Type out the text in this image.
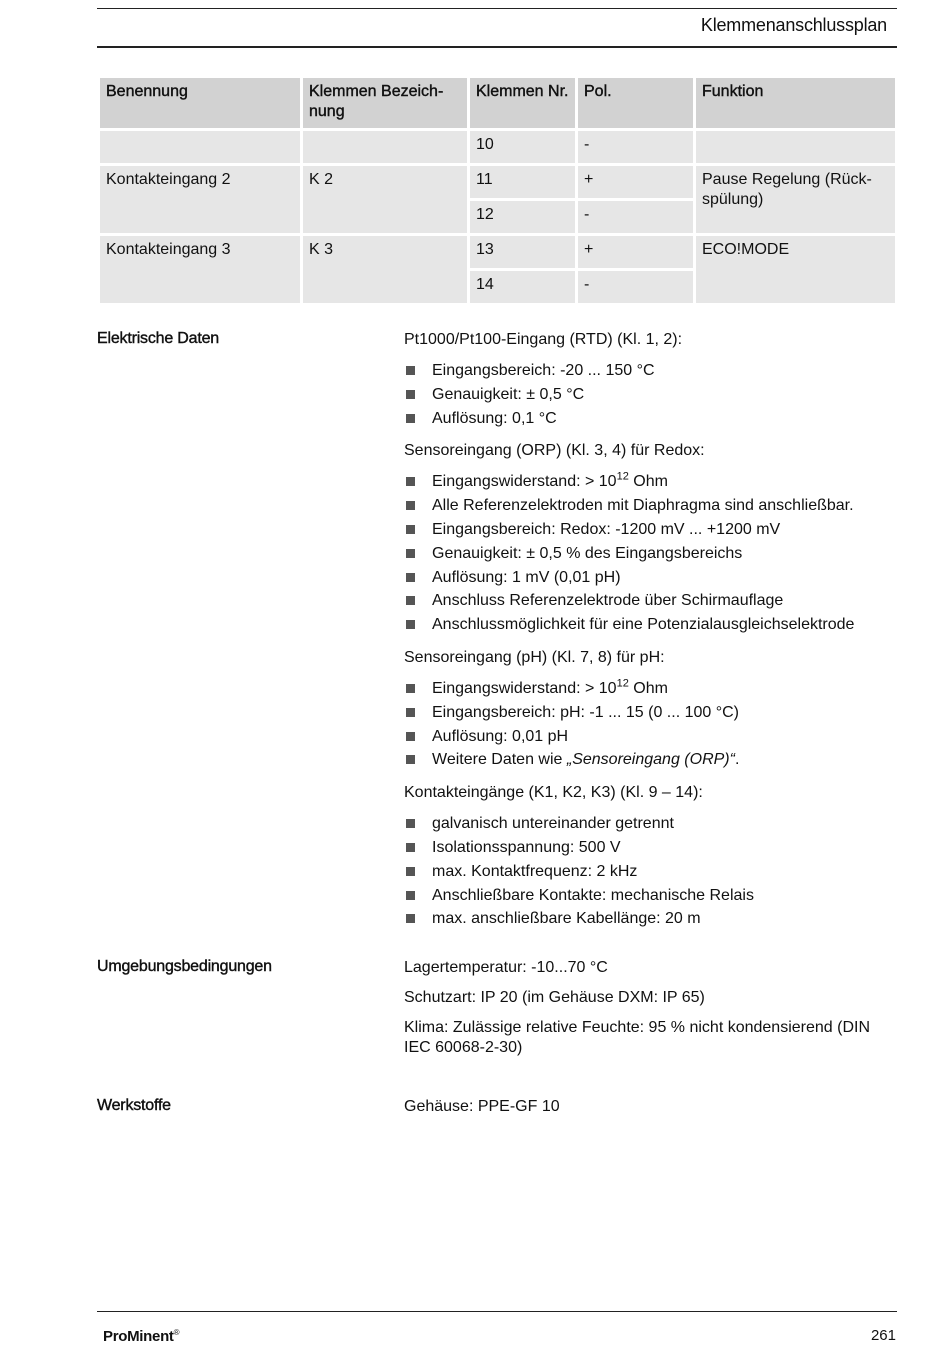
Klemmenanschlussplan
Benennung	Klemmen Bezeich-nung	Klemmen Nr.	Pol.	Funktion
		10	-	
Kontakteingang 2	K 2	11	+	Pause Regelung (Rück-spülung)
		12	-	
Kontakteingang 3	K 3	13	+	ECO!MODE
		14	-	
Elektrische Daten	Pt1000/Pt100-Eingang (RTD) (Kl. 1, 2):

Eingangsbereich: -20 ... 150 °C
Genauigkeit: ± 0,5 °C
Auflösung: 0,1 °C

Sensoreingang (ORP) (Kl. 3, 4) für Redox:

Eingangswiderstand: > $10^{12}$ Ohm
Alle Referenzelektroden mit Diaphragma sind anschließbar.
Eingangsbereich: Redox: -1200 mV ... +1200 mV
Genauigkeit: ± 0,5 % des Eingangsbereichs
Auflösung: 1 mV (0,01 pH)
Anschluss Referenzelektrode über Schirmauflage
Anschlussmöglichkeit für eine Potenzialausgleichselektrode

Sensoreingang (pH) (Kl. 7, 8) für pH:

Eingangswiderstand: > $10^{12}$ Ohm
Eingangsbereich: pH: -1 ... 15 (0 ... 100 °C)
Auflösung: 0,01 pH
Weitere Daten wie „Sensoreingang (ORP)“.

Kontakteingänge (K1, K2, K3) (Kl. 9 – 14):

galvanisch untereinander getrennt
Isolationsspannung: 500 V
max. Kontaktfrequenz: 2 kHz
Anschließbare Kontakte: mechanische Relais
max. anschließbare Kabellänge: 20 m
Umgebungsbedingungen	Lagertemperatur: -10...70 °C

Schutzart: IP 20 (im Gehäuse DXM: IP 65)

Klima: Zulässige relative Feuchte: 95 % nicht kondensierend (DIN IEC 60068-2-30)

Werkstoffe	Gehäuse: PPE-GF 10

ProMinent®	261
